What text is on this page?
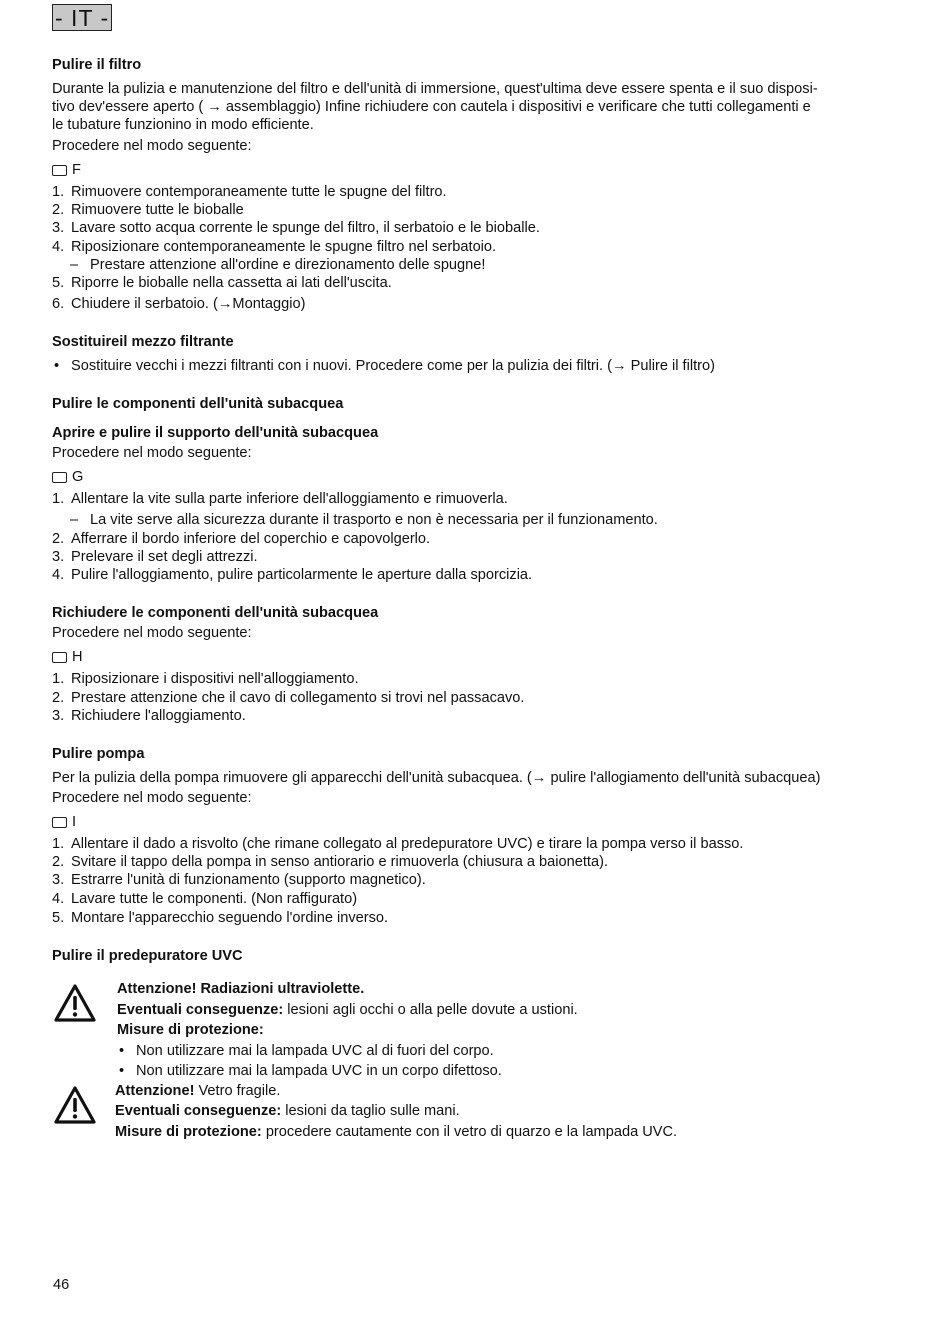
- IT -

Pulire il filtro

Durante la pulizia e manutenzione del filtro e dell'unità di immersione, quest'ultima deve essere spenta e il suo disposi-

tivo dev'essere aperto ( → assemblaggio) Infine richiudere con cautela i dispositivi e verificare che tutti collegamenti e

le tubature funzionino in modo efficiente.

Procedere nel modo seguente:

F
1. Rimuovere contemporaneamente tutte le spugne del filtro.
2. Rimuovere tutte le bioballe
3. Lavare sotto acqua corrente le spunge del filtro, il serbatoio e le bioballe.
4. Riposizionare contemporaneamente le spugne filtro nel serbatoio.
– Prestare attenzione all'ordine e direzionamento delle spugne!
5. Riporre le bioballe nella cassetta ai lati dell'uscita.
6. Chiudere il serbatoio. (→Montaggio)

Sostituireil mezzo filtrante

• Sostituire vecchi i mezzi filtranti con i nuovi. Procedere come per la pulizia dei filtri. (→ Pulire il filtro)

Pulire le componenti dell'unità subacquea

Aprire e pulire il supporto dell'unità subacquea

Procedere nel modo seguente:

G
1. Allentare la vite sulla parte inferiore dell'alloggiamento e rimuoverla.
– La vite serve alla sicurezza durante il trasporto e non è necessaria per il funzionamento.
2. Afferrare il bordo inferiore del coperchio e capovolgerlo.
3. Prelevare il set degli attrezzi.
4. Pulire l'alloggiamento, pulire particolarmente le aperture dalla sporcizia.

Richiudere le componenti dell'unità subacquea

Procedere nel modo seguente:

H
1. Riposizionare i dispositivi nell'alloggiamento.
2. Prestare attenzione che il cavo di collegamento si trovi nel passacavo.
3. Richiudere l'alloggiamento.

Pulire pompa

Per la pulizia della pompa rimuovere gli apparecchi dell'unità subacquea. (→ pulire l'allogiamento dell'unità subacquea)

Procedere nel modo seguente:

I
1. Allentare il dado a risvolto (che rimane collegato al predepuratore UVC) e tirare la pompa verso il basso.
2. Svitare il tappo della pompa in senso antiorario e rimuoverla (chiusura a baionetta).
3. Estrarre l'unità di funzionamento (supporto magnetico).
4. Lavare tutte le componenti. (Non raffigurato)
5. Montare l'apparecchio seguendo l'ordine inverso.

Pulire il predepuratore UVC

Attenzione! Radiazioni ultraviolette.

Eventuali conseguenze: lesioni agli occhi o alla pelle dovute a ustioni.

Misure di protezione:

• Non utilizzare mai la lampada UVC al di fuori del corpo.
• Non utilizzare mai la lampada UVC in un corpo difettoso.

Attenzione! Vetro fragile.

Eventuali conseguenze: lesioni da taglio sulle mani.

Misure di protezione: procedere cautamente con il vetro di quarzo e la lampada UVC.

46
